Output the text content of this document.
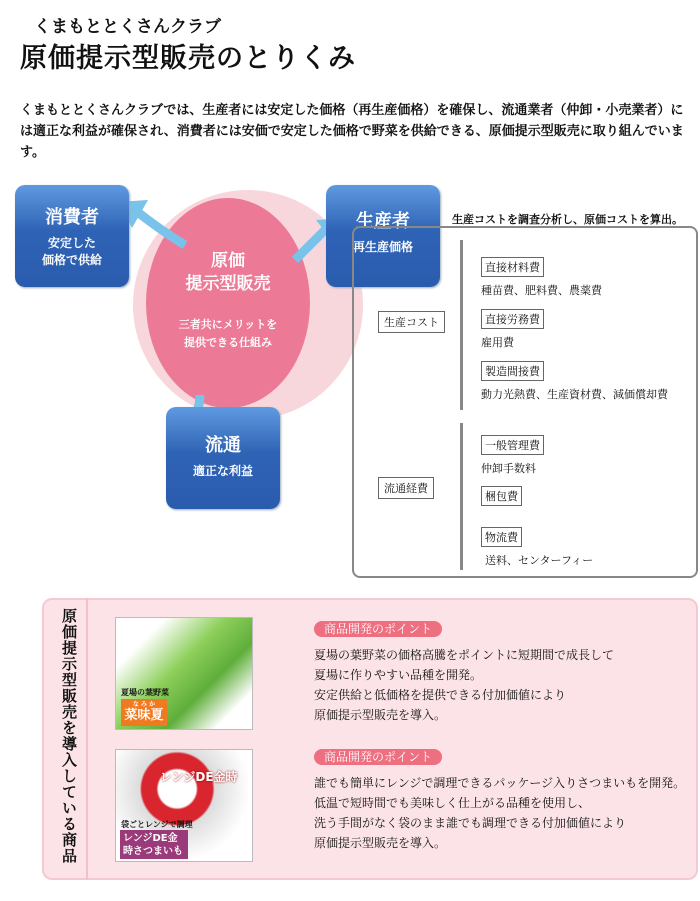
くまもととくさんクラブ
原価提示型販売のとりくみ

くまもととくさんクラブでは、生産者には安定した価格（再生産価格）を確保し、流通業者（仲卸・小売業者）には適正な利益が確保され、消費者には安価で安定した価格で野菜を供給できる、原価提示型販売に取り組んでいます。

原価
提示型販売
三者共にメリットを
提供できる仕組み
消費者
安定した
価格で供給
生産者
再生産価格
流通
適正な利益
生産コストを調査分析し、原価コストを算出。
生産コスト
流通経費
直接材料費
種苗費、肥料費、農薬費
直接労務費
雇用費
製造間接費
動力光熱費、生産資材費、減価償却費
一般管理費
仲卸手数料
梱包費
物流費
送料、センターフィー
原価提示型販売を導入している商品	夏場の葉野菜
な み か
菜味夏
レンジDE金時
袋ごとレンジで調理
レンジDE金時さつまいも
商品開発のポイント
夏場の葉野菜の価格高騰をポイントに短期間で成長して
夏場に作りやすい品種を開発。
安定供給と低価格を提供できる付加価値により
原価提示型販売を導入。
商品開発のポイント
誰でも簡単にレンジで調理できるパッケージ入りさつまいもを開発。
低温で短時間でも美味しく仕上がる品種を使用し、
洗う手間がなく袋のまま誰でも調理できる付加価値により
原価提示型販売を導入。
